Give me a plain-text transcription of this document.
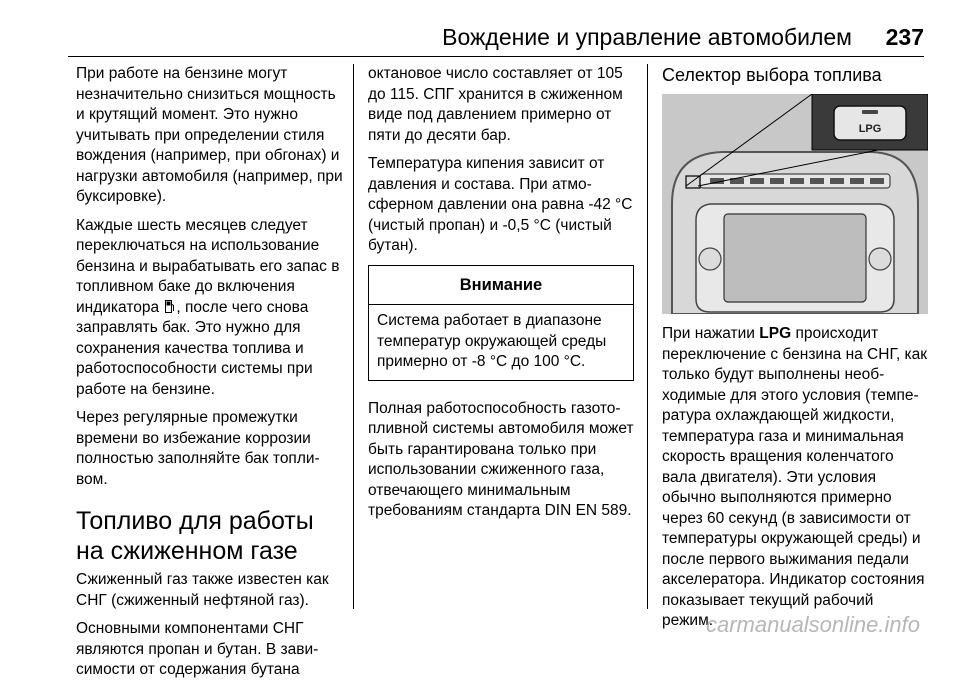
Вождение и управление автомобилем 237

При работе на бензине могут незначительно снизиться мощность и крутящий момент. Это нужно учитывать при определении стиля вождения (например, при обгонах) и нагрузки автомобиля (например, при буксировке).

Каждые шесть месяцев следует переключаться на использование бензина и вырабатывать его запас в топливном баке до включения индикатора , после чего снова заправлять бак. Это нужно для сохранения качества топлива и работоспособности системы при работе на бензине.

Через регулярные промежутки времени во избежание коррозии полностью заполняйте бак топли-вом.

Топливо для работы на сжиженном газе

Сжиженный газ также известен как СНГ (сжиженный нефтяной газ).

Основными компонентами СНГ являются пропан и бутан. В зави-симости от содержания бутана

октановое число составляет от 105 до 115. СПГ хранится в сжиженном виде под давлением примерно от пяти до десяти бар.

Температура кипения зависит от давления и состава. При атмо-сферном давлении она равна -42 °С (чистый пропан) и -0,5 °С (чистый бутан).

Внимание
Система работает в диапазоне температур окружающей среды примерно от -8 °С до 100 °С.

Полная работоспособность газото-пливной системы автомобиля может быть гарантирована только при использовании сжиженного газа, отвечающего минимальным требованиям стандарта DIN EN 589.

Селектор выбора топлива
LPG

При нажатии LPG происходит переключение с бензина на СНГ, как только будут выполнены необ-ходимые для этого условия (темпе-ратура охлаждающей жидкости, температура газа и минимальная скорость вращения коленчатого вала двигателя). Эти условия обычно выполняются примерно через 60 секунд (в зависимости от температуры окружающей среды) и после первого выжимания педали акселератора. Индикатор состояния показывает текущий рабочий режим.

carmanualsonline.info
